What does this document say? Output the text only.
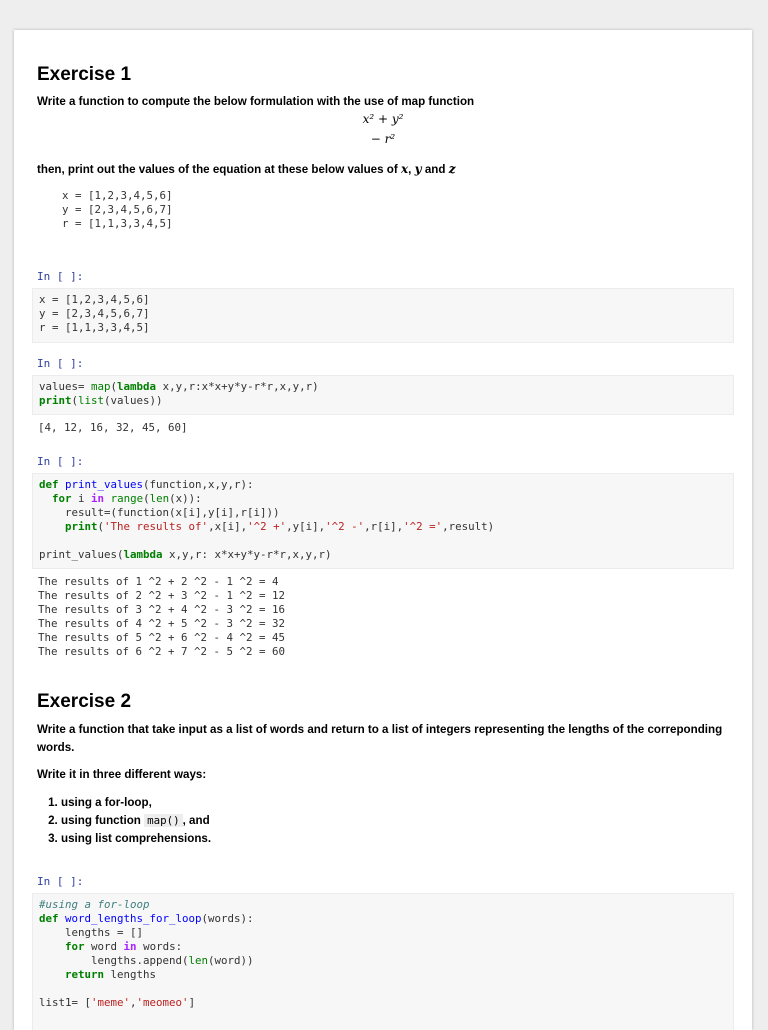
Exercise 1
Write a function to compute the below formulation with the use of map function
x² + y²
− r²
then, print out the values of the equation at these below values of x, y and z
x = [1,2,3,4,5,6]
y = [2,3,4,5,6,7]
r = [1,1,3,3,4,5]
In [ ]:
x = [1,2,3,4,5,6]
y = [2,3,4,5,6,7]
r = [1,1,3,3,4,5]
In [ ]:
values= map(lambda x,y,r:x*x+y*y-r*r,x,y,r)
print(list(values))
[4, 12, 16, 32, 45, 60]
In [ ]:
def print_values(function,x,y,r):
for i in range(len(x)):
result=(function(x[i],y[i],r[i]))
print('The results of',x[i],'^2 +',y[i],'^2 -',r[i],'^2 =',result)

print_values(lambda x,y,r: x*x+y*y-r*r,x,y,r)
The results of 1 ^2 + 2 ^2 - 1 ^2 = 4
The results of 2 ^2 + 3 ^2 - 1 ^2 = 12
The results of 3 ^2 + 4 ^2 - 3 ^2 = 16
The results of 4 ^2 + 5 ^2 - 3 ^2 = 32
The results of 5 ^2 + 6 ^2 - 4 ^2 = 45
The results of 6 ^2 + 7 ^2 - 5 ^2 = 60
Exercise 2
Write a function that take input as a list of words and return to a list of integers representing the lengths of the correponding words.
Write it in three different ways:
1. using a for-loop,
2. using function map() , and
3. using list comprehensions.
In [ ]:
#using a for-loop
def word_lengths_for_loop(words):
lengths = []
for word in words:
lengths.append(len(word))
return lengths

list1= ['meme','meomeo']
